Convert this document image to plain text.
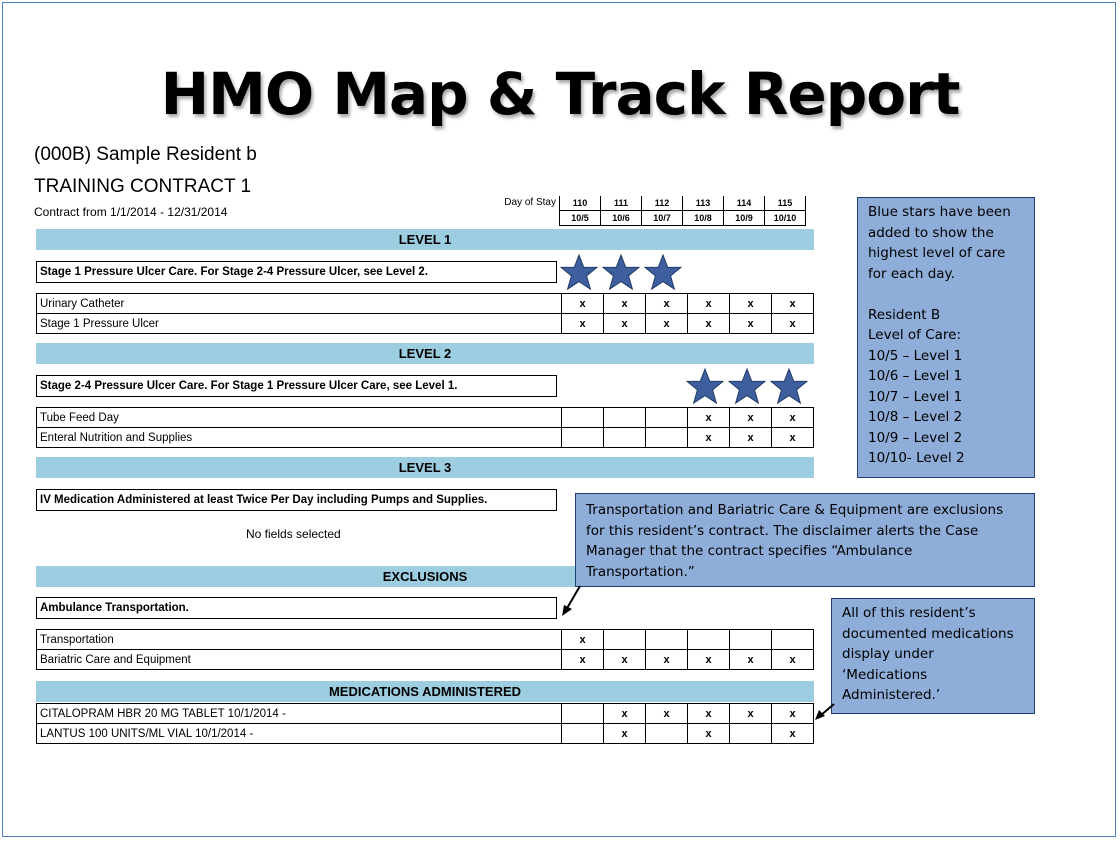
HMO Map & Track Report
(000B) Sample Resident b
TRAINING CONTRACT 1
Contract from 1/1/2014 - 12/31/2014
Day of Stay 110	111	112	113	114	115
10/5	10/6	10/7	10/8	10/9	10/10
LEVEL 1
Stage 1 Pressure Ulcer Care. For Stage 2-4 Pressure Ulcer, see Level 2.
Urinary Catheter	x	x	x	x	x	x
Stage 1 Pressure Ulcer	x	x	x	x	x	x
LEVEL 2
Stage 2-4 Pressure Ulcer Care. For Stage 1 Pressure Ulcer Care, see Level 1.
Tube Feed Day				x	x	x
Enteral Nutrition and Supplies				x	x	x
LEVEL 3
IV Medication Administered at least Twice Per Day including Pumps and Supplies.
No fields selected
EXCLUSIONS
Ambulance Transportation.
Transportation	x					
Bariatric Care and Equipment	x	x	x	x	x	x
MEDICATIONS ADMINISTERED
CITALOPRAM HBR 20 MG TABLET 10/1/2014 -		x	x	x	x	x
LANTUS 100 UNITS/ML VIAL 10/1/2014 -		x		x		x
Blue stars have been
added to show the
highest level of care
for each day.
Resident B
Level of Care:
10/5 – Level 1
10/6 – Level 1
10/7 – Level 1
10/8 – Level 2
10/9 – Level 2
10/10- Level 2
Transportation and Bariatric Care & Equipment are exclusions
for this resident’s contract. The disclaimer alerts the Case
Manager that the contract specifies “Ambulance
Transportation.”
All of this resident’s
documented medications
display under
‘Medications
Administered.’
